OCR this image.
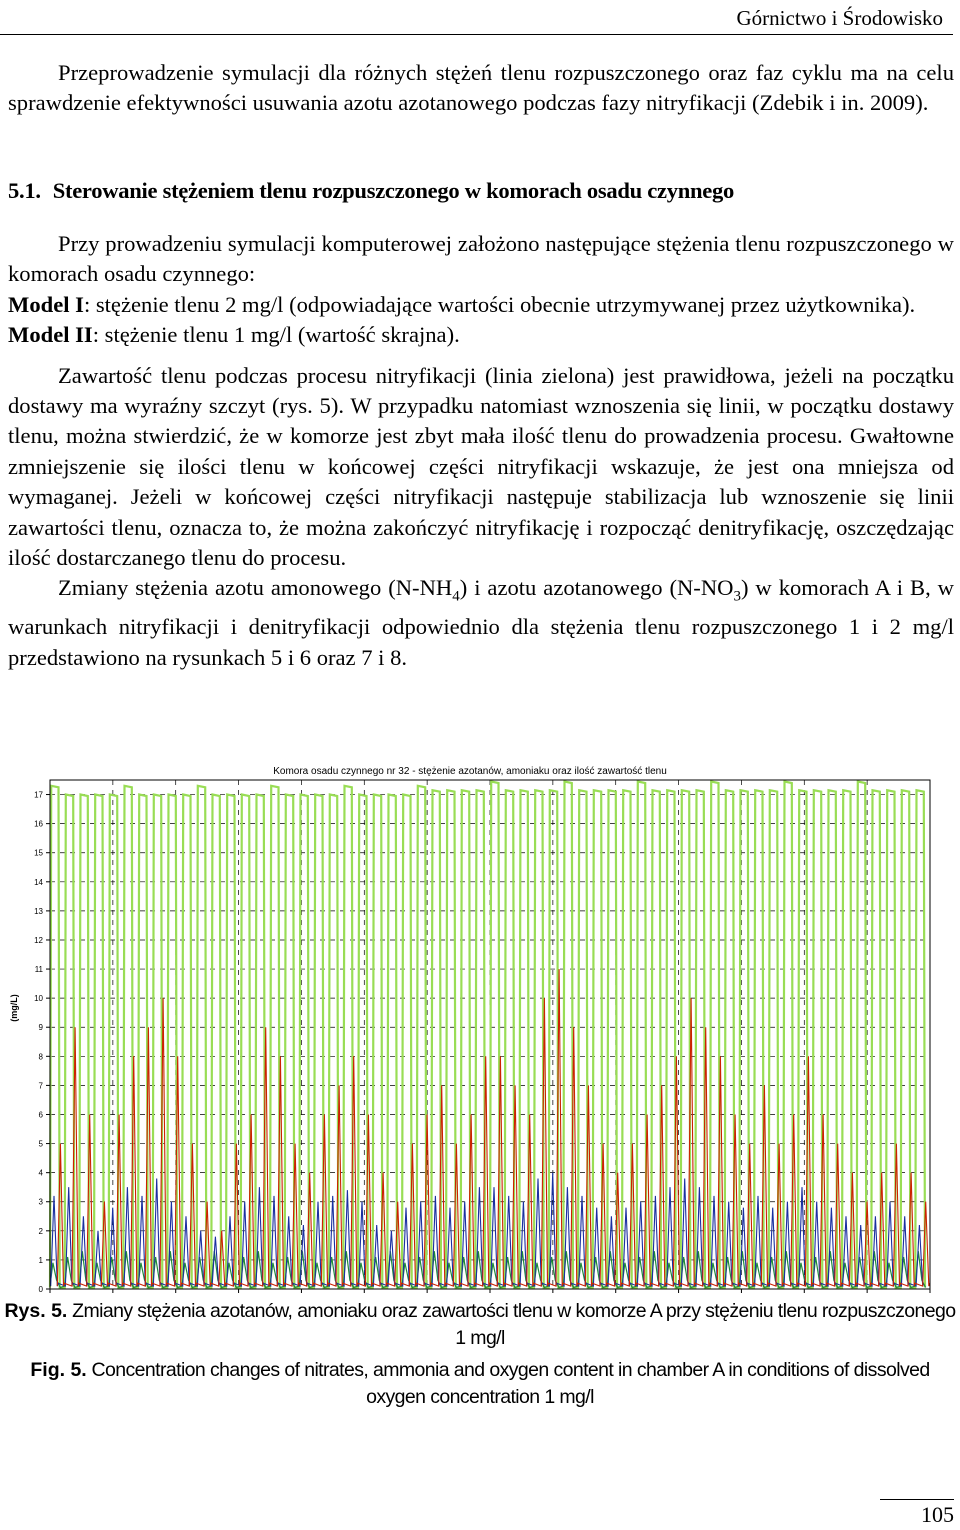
Górnictwo i Środowisko

Przeprowadzenie symulacji dla różnych stężeń tlenu rozpuszczonego oraz faz cyklu ma na celu sprawdzenie efektywności usuwania azotu azotanowego podczas fazy nitryfikacji (Zdebik i in. 2009).

5.1. Sterowanie stężeniem tlenu rozpuszczonego w komorach osadu czynnego

Przy prowadzeniu symulacji komputerowej założono następujące stężenia tlenu rozpuszczonego w komorach osadu czynnego:

Model I: stężenie tlenu 2 mg/l (odpowiadające wartości obecnie utrzymywanej przez użytkownika).

Model II: stężenie tlenu 1 mg/l (wartość skrajna).

Zawartość tlenu podczas procesu nitryfikacji (linia zielona) jest prawidłowa, jeżeli na początku dostawy ma wyraźny szczyt (rys. 5). W przypadku natomiast wznoszenia się linii, w początku dostawy tlenu, można stwierdzić, że w komorze jest zbyt mała ilość tlenu do prowadzenia procesu. Gwałtowne zmniejszenie się ilości tlenu w końcowej części nitryfikacji wskazuje, że jest ona mniejsza od wymaganej. Jeżeli w końcowej części nitryfikacji następuje stabilizacja lub wznoszenie się linii zawartości tlenu, oznacza to, że można zakończyć nitryfikację i rozpocząć denitryfikację, oszczędzając ilość dostarczanego tlenu do procesu.

Zmiany stężenia azotu amonowego $(N-NH_4)$ i azotu azotanowego $(N-NO_3)$ w komorach A i B, w warunkach nitryfikacji i denitryfikacji odpowiednio dla stężenia tlenu rozpuszczonego 1 i 2 mg/l przedstawiono na rysunkach 5 i 6 oraz 7 i 8.

Komora osadu czynnego nr 32 - stężenie azotanów, amoniaku oraz ilość zawartość tlenu
0
1
2
3
4
5
6
7
8
9
10
11
12
13
14
15
16
17
(mg/L)
Rys. 5. Zmiany stężenia azotanów, amoniaku oraz zawartości tlenu w komorze A przy stężeniu tlenu rozpuszczonego 1 mg/l
Fig. 5. Concentration changes of nitrates, ammonia and oxygen content in chamber A in conditions of dissolved oxygen concentration 1 mg/l
105
